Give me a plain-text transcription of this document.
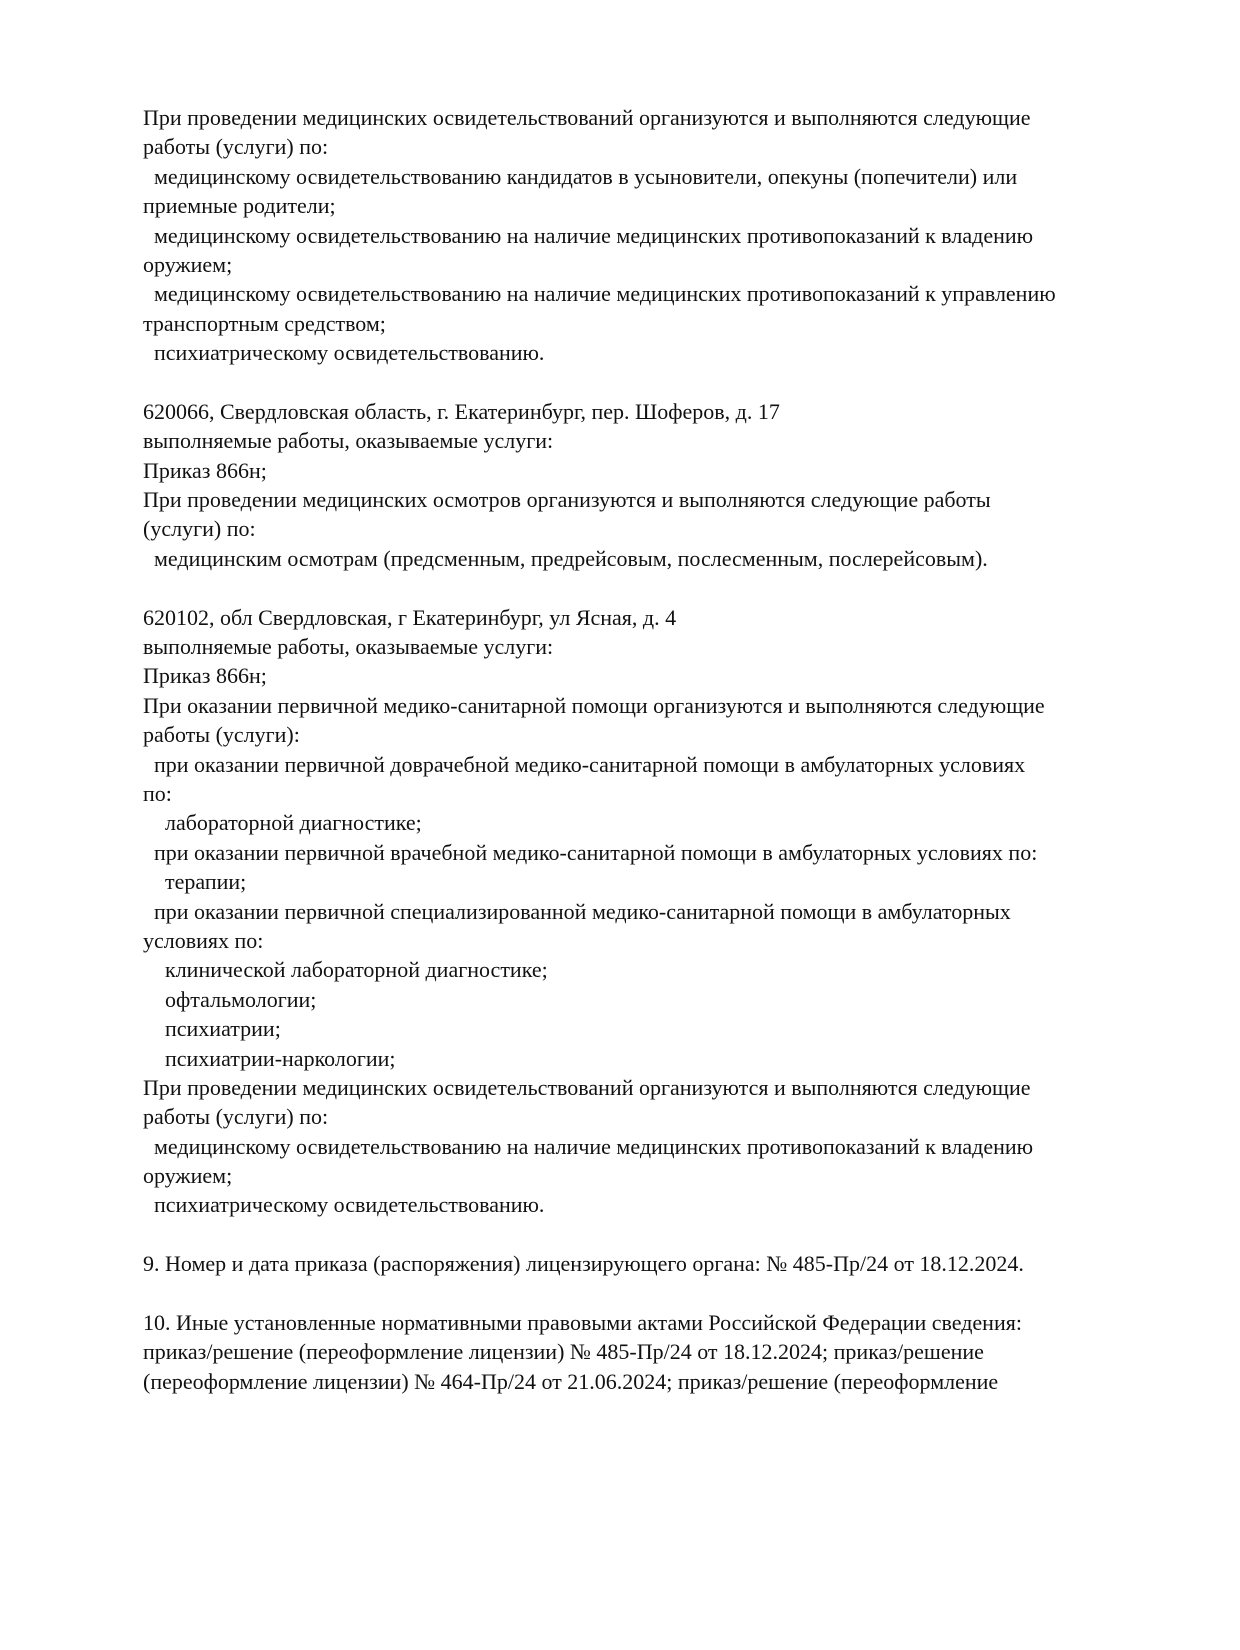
При проведении медицинских освидетельствований организуются и выполняются следующие
работы (услуги) по:
медицинскому освидетельствованию кандидатов в усыновители, опекуны (попечители) или
приемные родители;
медицинскому освидетельствованию на наличие медицинских противопоказаний к владению
оружием;
медицинскому освидетельствованию на наличие медицинских противопоказаний к управлению
транспортным средством;
психиатрическому освидетельствованию.
620066, Свердловская область, г. Екатеринбург, пер. Шоферов, д. 17
выполняемые работы, оказываемые услуги:
Приказ 866н;
При проведении медицинских осмотров организуются и выполняются следующие работы
(услуги) по:
медицинским осмотрам (предсменным, предрейсовым, послесменным, послерейсовым).
620102, обл Свердловская, г Екатеринбург, ул Ясная, д. 4
выполняемые работы, оказываемые услуги:
Приказ 866н;
При оказании первичной медико-санитарной помощи организуются и выполняются следующие
работы (услуги):
при оказании первичной доврачебной медико-санитарной помощи в амбулаторных условиях
по:
лабораторной диагностике;
при оказании первичной врачебной медико-санитарной помощи в амбулаторных условиях по:
терапии;
при оказании первичной специализированной медико-санитарной помощи в амбулаторных
условиях по:
клинической лабораторной диагностике;
офтальмологии;
психиатрии;
психиатрии-наркологии;
При проведении медицинских освидетельствований организуются и выполняются следующие
работы (услуги) по:
медицинскому освидетельствованию на наличие медицинских противопоказаний к владению
оружием;
психиатрическому освидетельствованию.
9. Номер и дата приказа (распоряжения) лицензирующего органа: № 485-Пр/24 от 18.12.2024.
10. Иные установленные нормативными правовыми актами Российской Федерации сведения:
приказ/решение (переоформление лицензии) № 485-Пр/24 от 18.12.2024; приказ/решение
(переоформление лицензии) № 464-Пр/24 от 21.06.2024; приказ/решение (переоформление
